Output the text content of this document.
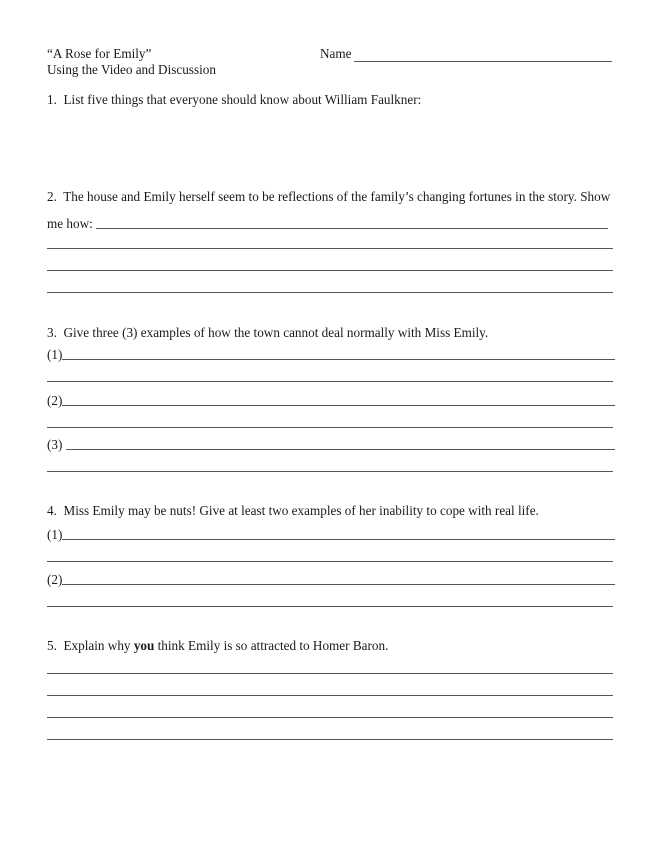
“A Rose for Emily”
Using the Video and Discussion
Name
1. List five things that everyone should know about William Faulkner:
2. The house and Emily herself seem to be reflections of the family’s changing fortunes in the story. Show
me how:
3. Give three (3) examples of how the town cannot deal normally with Miss Emily.
(1)
(2)
(3)
4. Miss Emily may be nuts! Give at least two examples of her inability to cope with real life.
(1)
(2)
5. Explain why you think Emily is so attracted to Homer Baron.
